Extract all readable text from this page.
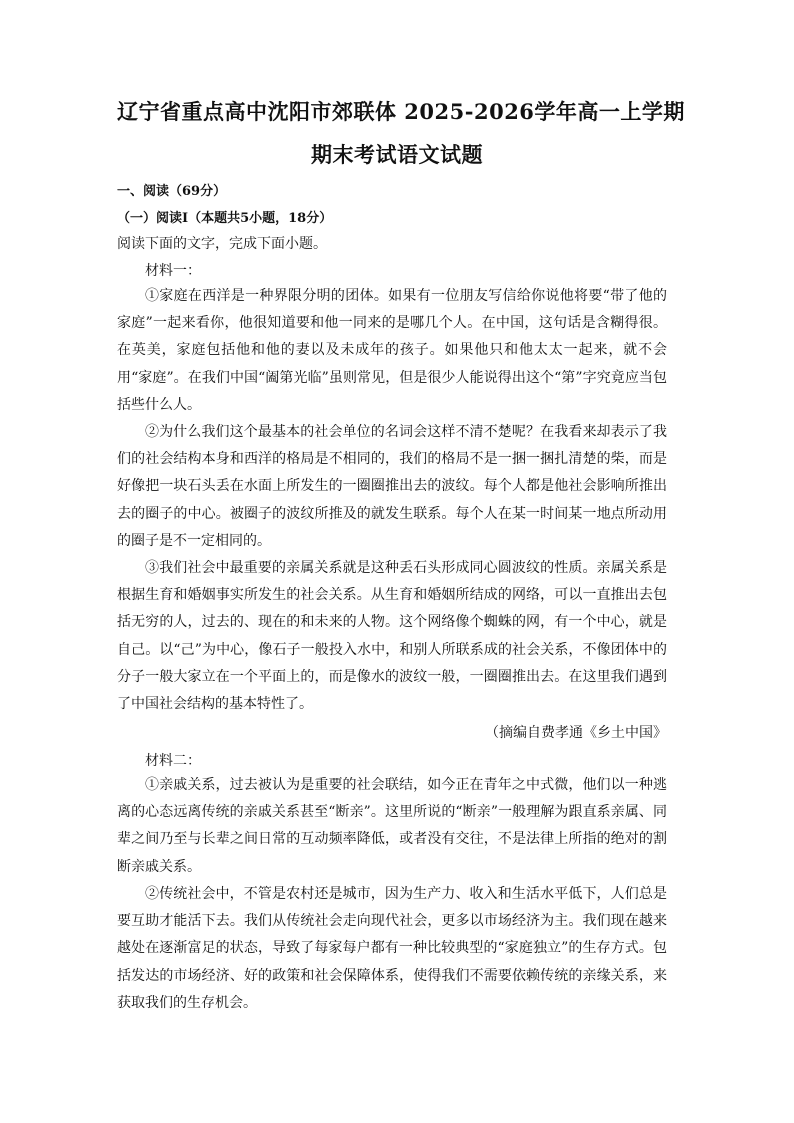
辽宁省重点高中沈阳市郊联体 2025-2026学年高一上学期
期末考试语文试题
一、阅读（69分）
（一）阅读Ⅰ（本题共5小题，18分）
阅读下面的文字，完成下面小题。
材料一：

①家庭在西洋是一种界限分明的团体。如果有一位朋友写信给你说他将要“带了他的家庭”一起来看你，他很知道要和他一同来的是哪几个人。在中国，这句话是含糊得很。在英美，家庭包括他和他的妻以及未成年的孩子。如果他只和他太太一起来，就不会用“家庭”。在我们中国“阖第光临”虽则常见，但是很少人能说得出这个“第”字究竟应当包括些什么人。

②为什么我们这个最基本的社会单位的名词会这样不清不楚呢？在我看来却表示了我们的社会结构本身和西洋的格局是不相同的，我们的格局不是一捆一捆扎清楚的柴，而是好像把一块石头丢在水面上所发生的一圈圈推出去的波纹。每个人都是他社会影响所推出去的圈子的中心。被圈子的波纹所推及的就发生联系。每个人在某一时间某一地点所动用的圈子是不一定相同的。

③我们社会中最重要的亲属关系就是这种丢石头形成同心圆波纹的性质。亲属关系是根据生育和婚姻事实所发生的社会关系。从生育和婚姻所结成的网络，可以一直推出去包括无穷的人，过去的、现在的和未来的人物。这个网络像个蜘蛛的网，有一个中心，就是自己。以“己”为中心，像石子一般投入水中，和别人所联系成的社会关系，不像团体中的分子一般大家立在一个平面上的，而是像水的波纹一般，一圈圈推出去。在这里我们遇到了中国社会结构的基本特性了。

（摘编自费孝通《乡土中国》
材料二：

①亲戚关系，过去被认为是重要的社会联结，如今正在青年之中式微，他们以一种逃离的心态远离传统的亲戚关系甚至“断亲”。这里所说的“断亲”一般理解为跟直系亲属、同辈之间乃至与长辈之间日常的互动频率降低，或者没有交往，不是法律上所指的绝对的割断亲戚关系。

②传统社会中，不管是农村还是城市，因为生产力、收入和生活水平低下，人们总是要互助才能活下去。我们从传统社会走向现代社会，更多以市场经济为主。我们现在越来越处在逐渐富足的状态，导致了每家每户都有一种比较典型的“家庭独立”的生存方式。包括发达的市场经济、好的政策和社会保障体系，使得我们不需要依赖传统的亲缘关系，来获取我们的生存机会。
